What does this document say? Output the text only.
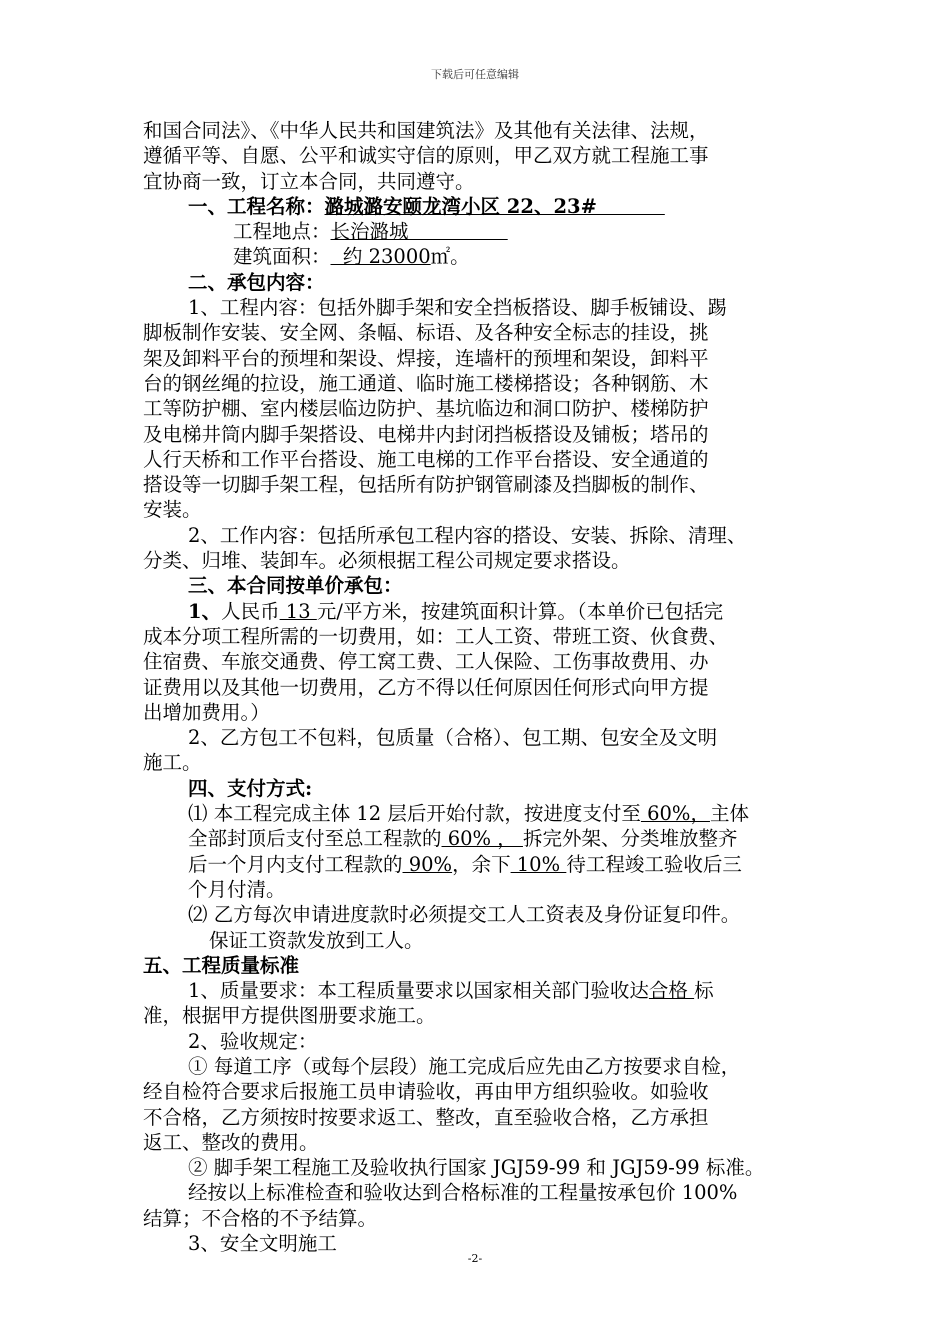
下载后可任意编辑
和国合同法》、《中华人民共和国建筑法》及其他有关法律、法规，
遵循平等、自愿、公平和诚实守信的原则，甲乙双方就工程施工事
宜协商一致，订立本合同，共同遵守。
一、工程名称：潞城潞安颐龙湾小区 22、23#
工程地点：长治潞城
建筑面积：  约 23000㎡。
二、承包内容：
1、工程内容：包括外脚手架和安全挡板搭设、脚手板铺设、踢
脚板制作安装、安全网、条幅、标语、及各种安全标志的挂设，挑
架及卸料平台的预埋和架设、焊接，连墙杆的预埋和架设，卸料平
台的钢丝绳的拉设，施工通道、临时施工楼梯搭设；各种钢筋、木
工等防护棚、室内楼层临边防护、基坑临边和洞口防护、楼梯防护
及电梯井筒内脚手架搭设、电梯井内封闭挡板搭设及铺板；塔吊的
人行天桥和工作平台搭设、施工电梯的工作平台搭设、安全通道的
搭设等一切脚手架工程，包括所有防护钢管刷漆及挡脚板的制作、
安装。
2、工作内容：包括所承包工程内容的搭设、安装、拆除、清理、
分类、归堆、装卸车。必须根据工程公司规定要求搭设。
三、本合同按单价承包：
1、人民币 13 元/平方米，按建筑面积计算。（本单价已包括完
成本分项工程所需的一切费用，如：工人工资、带班工资、伙食费、
住宿费、车旅交通费、停工窝工费、工人保险、工伤事故费用、办
证费用以及其他一切费用，乙方不得以任何原因任何形式向甲方提
出增加费用。）
2、乙方包工不包料，包质量（合格）、包工期、包安全及文明
施工。
四、支付方式:
⑴ 本工程完成主体 12 层后开始付款，按进度支付至 60%，主体
全部封顶后支付至总工程款的 60% ， 拆完外架、分类堆放整齐
后一个月内支付工程款的 90%，余下 10% 待工程竣工验收后三
个月付清。
⑵ 乙方每次申请进度款时必须提交工人工资表及身份证复印件。
保证工资款发放到工人。
五、工程质量标准
1、质量要求：本工程质量要求以国家相关部门验收达合格 标
准，根据甲方提供图册要求施工。
2、验收规定：
① 每道工序（或每个层段）施工完成后应先由乙方按要求自检，
经自检符合要求后报施工员申请验收，再由甲方组织验收。如验收
不合格，乙方须按时按要求返工、整改，直至验收合格，乙方承担
返工、整改的费用。
② 脚手架工程施工及验收执行国家 JGJ59-99 和 JGJ59-99 标准。
经按以上标准检查和验收达到合格标准的工程量按承包价 100%
结算；不合格的不予结算。
3、安全文明施工
-2-
